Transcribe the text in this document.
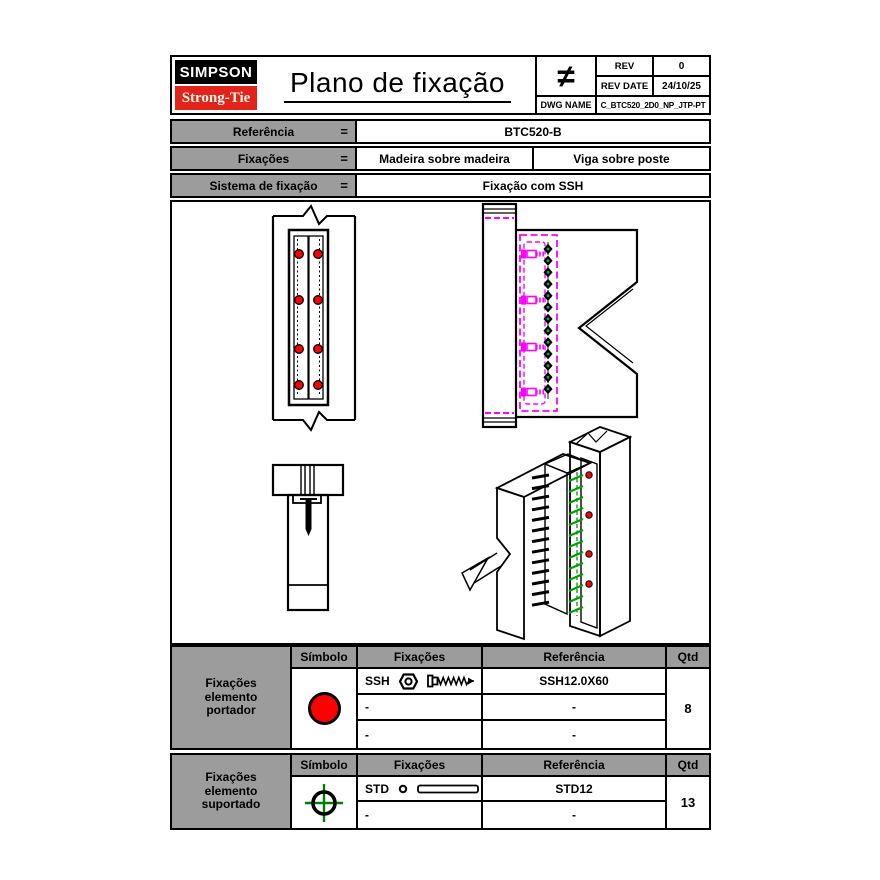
SIMPSON
Strong-Tie Plano de fixação	≠	REV	0
REV DATE	24/10/25
DWG NAME	C_BTC520_2D0_NP_JTP-PT
Referência	=	BTC520-B
Fixações	=	Madeira sobre madeira	Viga sobre poste
Sistema de fixação =	Fixação com SSH
Fixações
elemento
portador
Símbolo	Fixações	Referência	Qtd
SSH	SSH12.0X60
-	-
-	-
8
Fixações
elemento
suportado
Símbolo	Fixações	Referência	Qtd
STD	STD12
-	-
13
